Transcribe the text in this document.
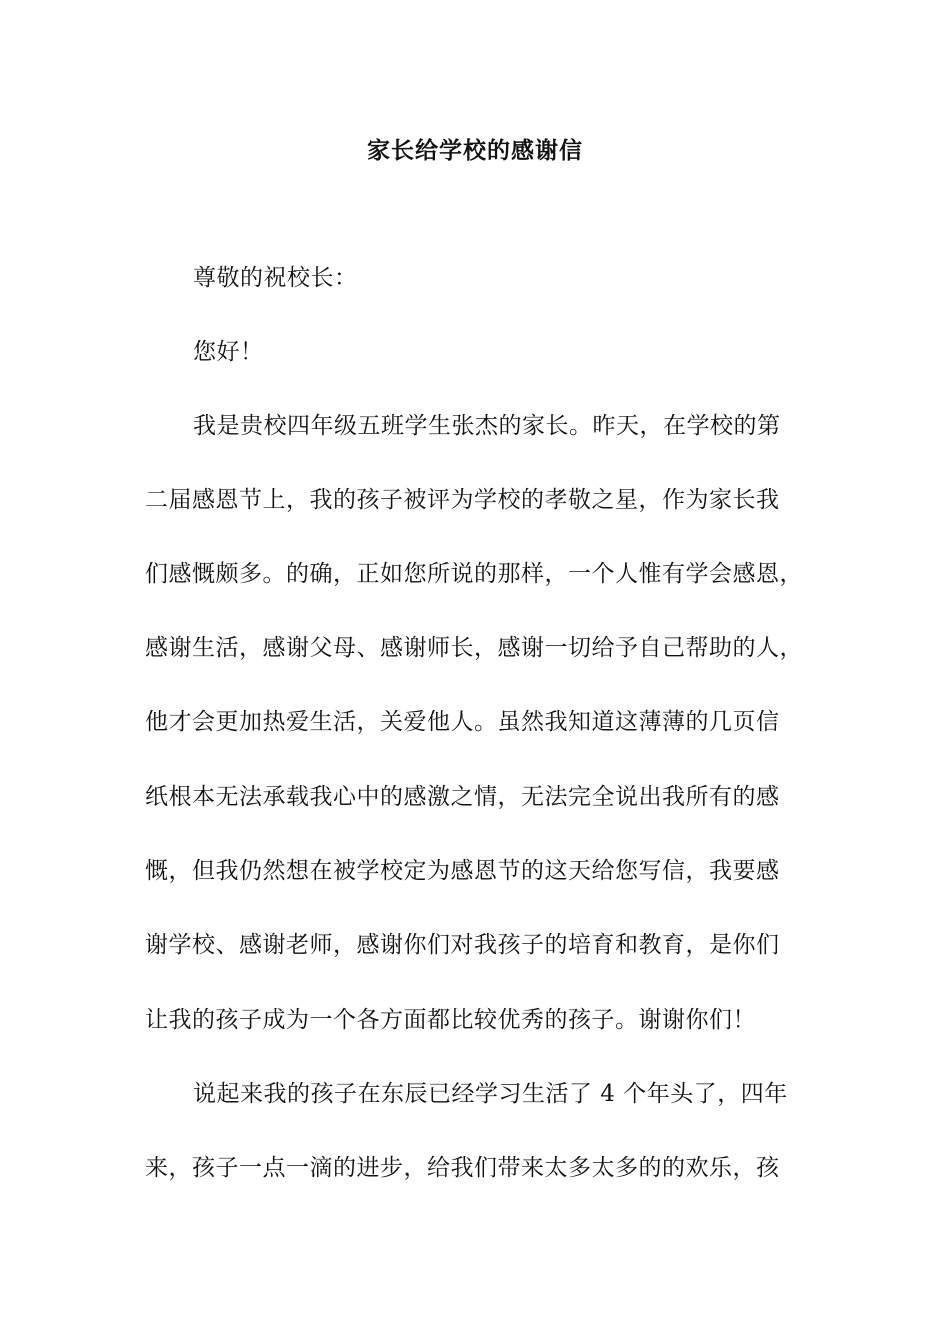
家长给学校的感谢信
尊敬的祝校长：
您好！
我是贵校四年级五班学生张杰的家长。昨天，在学校的第
二届感恩节上，我的孩子被评为学校的孝敬之星，作为家长我
们感慨颇多。的确，正如您所说的那样，一个人惟有学会感恩，
感谢生活，感谢父母、感谢师长，感谢一切给予自己帮助的人，
他才会更加热爱生活，关爱他人。虽然我知道这薄薄的几页信
纸根本无法承载我心中的感激之情，无法完全说出我所有的感
慨，但我仍然想在被学校定为感恩节的这天给您写信，我要感
谢学校、感谢老师，感谢你们对我孩子的培育和教育，是你们
让我的孩子成为一个各方面都比较优秀的孩子。谢谢你们！
说起来我的孩子在东辰已经学习生活了 4 个年头了，四年
来，孩子一点一滴的进步，给我们带来太多太多的的欢乐，孩
